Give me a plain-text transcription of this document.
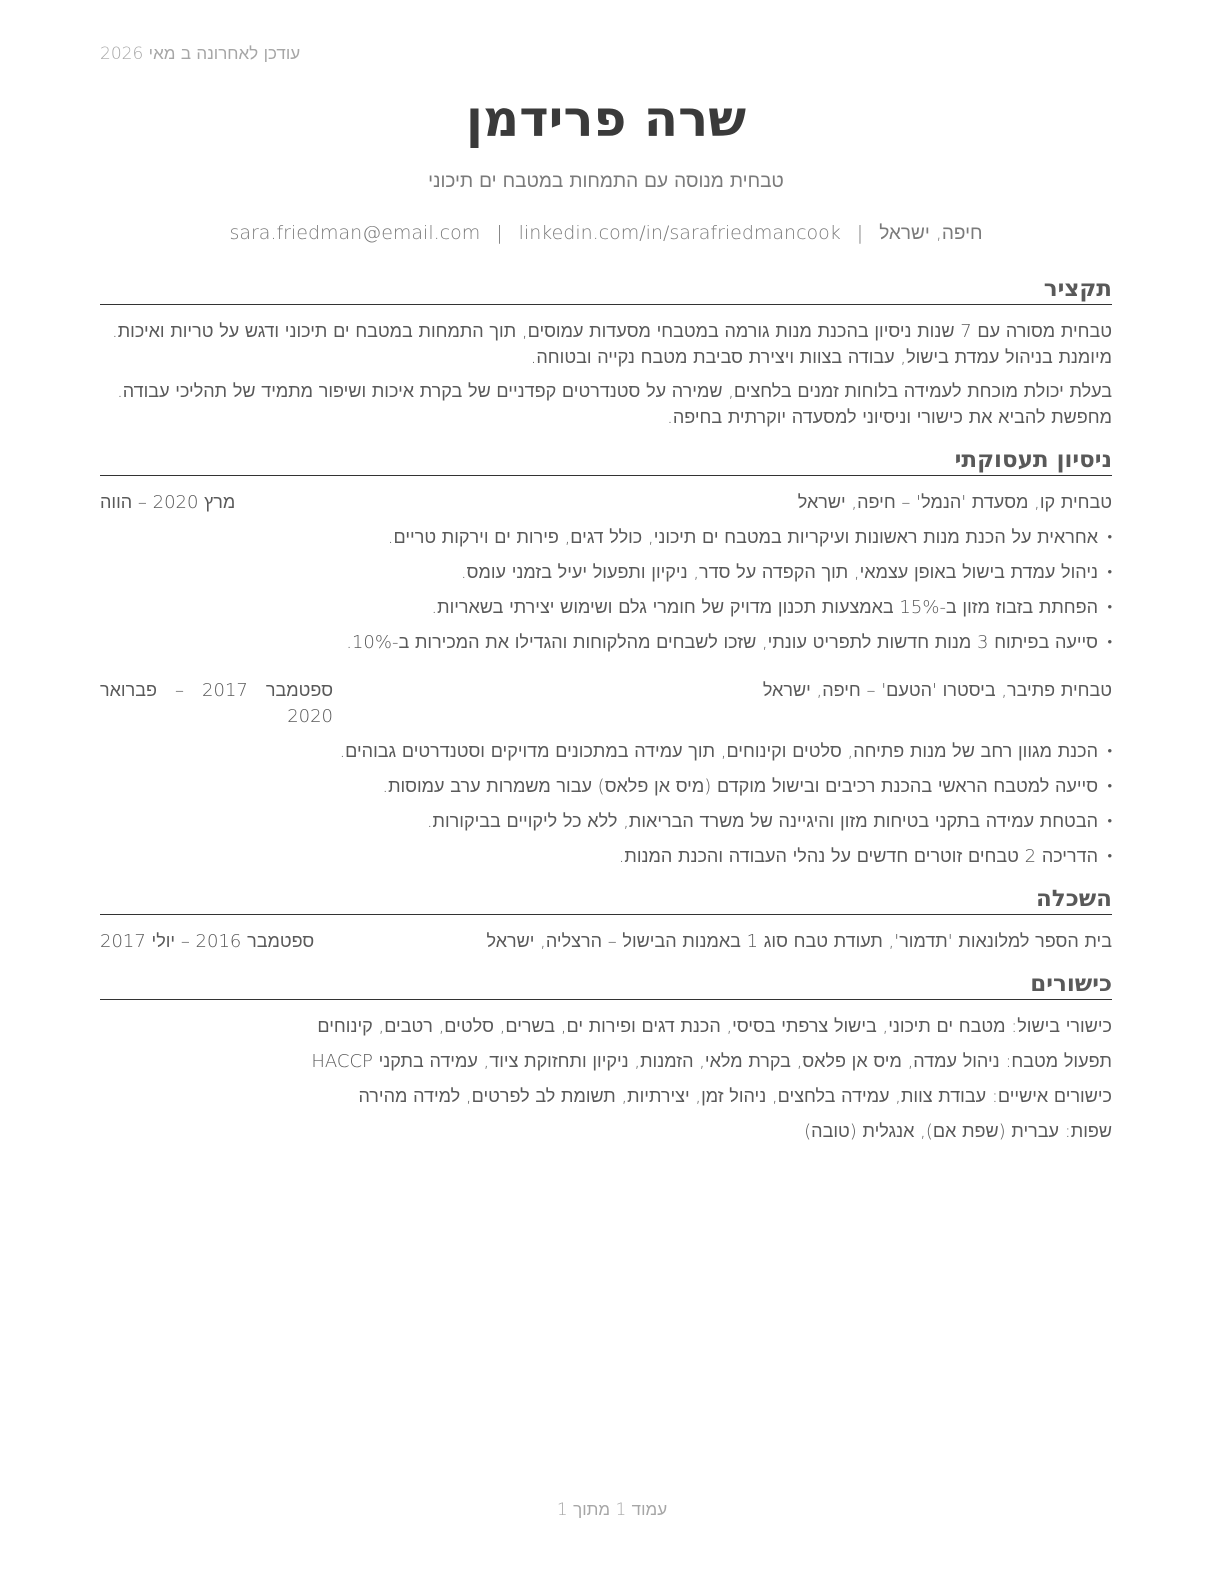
עודכן לאחרונה ב מאי 2026
שרה פרידמן
טבחית מנוסה עם התמחות במטבח ים תיכוני
חיפה, ישראל|sara.friedman@email.com | linkedin.com/in/sarafriedmancook
תקציר
טבחית מסורה עם 7 שנות ניסיון בהכנת מנות גורמה במטבחי מסעדות עמוסים, תוך התמחות במטבח ים תיכוני ודגש על טריות ואיכות. מיומנת בניהול עמדת בישול, עבודה בצוות ויצירת סביבת מטבח נקייה ובטוחה.
בעלת יכולת מוכחת לעמידה בלוחות זמנים בלחצים, שמירה על סטנדרטים קפדניים של בקרת איכות ושיפור מתמיד של תהליכי עבודה. מחפשת להביא את כישורי וניסיוני למסעדה יוקרתית בחיפה.
ניסיון תעסוקתי
טבחית קו, מסעדת 'הנמל' – חיפה, ישראל
מרץ 2020 – הווה
• אחראית על הכנת מנות ראשונות ועיקריות במטבח ים תיכוני, כולל דגים, פירות ים וירקות טריים.
• ניהול עמדת בישול באופן עצמאי, תוך הקפדה על סדר, ניקיון ותפעול יעיל בזמני עומס.
• הפחתת בזבוז מזון ב-15% באמצעות תכנון מדויק של חומרי גלם ושימוש יצירתי בשאריות.
• סייעה בפיתוח 3 מנות חדשות לתפריט עונתי, שזכו לשבחים מהלקוחות והגדילו את המכירות ב-10%.
טבחית פתיבר, ביסטרו 'הטעם' – חיפה, ישראל
ספטמבר 2017 – פברואר 2020
• הכנת מגוון רחב של מנות פתיחה, סלטים וקינוחים, תוך עמידה במתכונים מדויקים וסטנדרטים גבוהים.
• סייעה למטבח הראשי בהכנת רכיבים ובישול מוקדם (מיס אן פלאס) עבור משמרות ערב עמוסות.
• הבטחת עמידה בתקני בטיחות מזון והיגיינה של משרד הבריאות, ללא כל ליקויים בביקורות.
• הדריכה 2 טבחים זוטרים חדשים על נהלי העבודה והכנת המנות.
השכלה
בית הספר למלונאות 'תדמור', תעודת טבח סוג 1 באמנות הבישול – הרצליה, ישראל
ספטמבר 2016 – יולי 2017
כישורים
כישורי בישול: מטבח ים תיכוני, בישול צרפתי בסיסי, הכנת דגים ופירות ים, בשרים, סלטים, רטבים, קינוחים
תפעול מטבח: ניהול עמדה, מיס אן פלאס, בקרת מלאי, הזמנות, ניקיון ותחזוקת ציוד, עמידה בתקני HACCP
כישורים אישיים: עבודת צוות, עמידה בלחצים, ניהול זמן, יצירתיות, תשומת לב לפרטים, למידה מהירה
שפות: עברית (שפת אם), אנגלית (טובה)
עמוד 1 מתוך 1
